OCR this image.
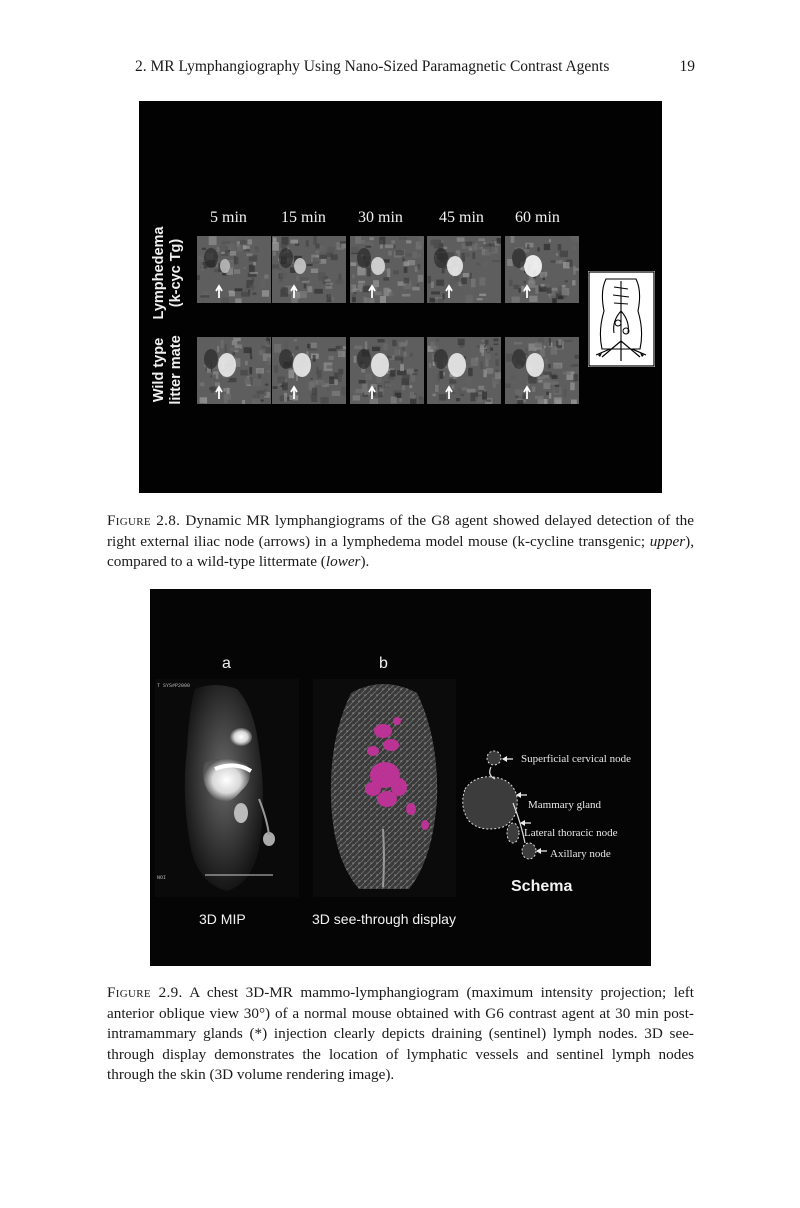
2. MR Lymphangiography Using Nano-Sized Paramagnetic Contrast Agents	19
5 min 15 min 30 min 45 min 60 min
Lymphedema (k-cyc Tg)
Wild type litter mate
Figure 2.8. Dynamic MR lymphangiograms of the G8 agent showed delayed detection of the right external iliac node (arrows) in a lymphedema model mouse (k-cycline transgenic; upper), compared to a wild-type littermate (lower).
a	b
T SYS#P2000
NOI
Superficial cervical node
Mammary gland
Lateral thoracic node
Axillary node
Schema
3D MIP	3D see-through display
Figure 2.9. A chest 3D-MR mammo-lymphangiogram (maximum intensity projection; left anterior oblique view 30°) of a normal mouse obtained with G6 contrast agent at 30 min post-intramammary glands (*) injection clearly depicts draining (sentinel) lymph nodes. 3D see-through display demonstrates the location of lymphatic vessels and sentinel lymph nodes through the skin (3D volume rendering image).
